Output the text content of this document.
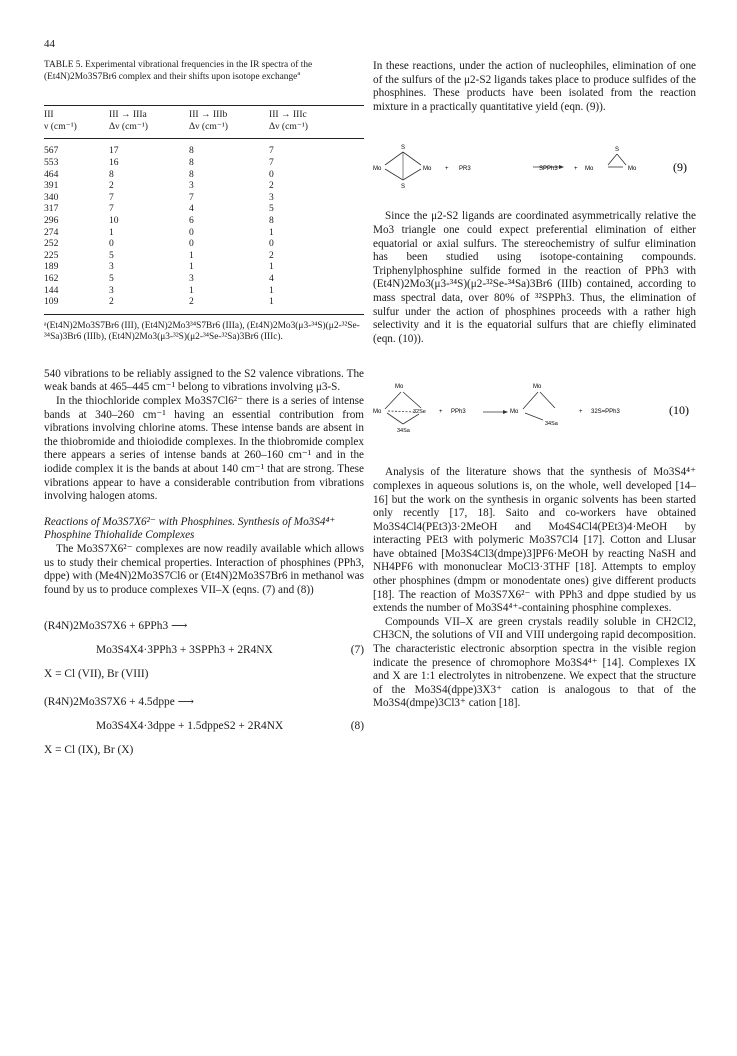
44
TABLE 5. Experimental vibrational frequencies in the IR spectra of the (Et4N)2Mo3S7Br6 complex and their shifts upon isotope exchange$^a$
III	III → IIIa	III → IIIb	III → IIIc
ν (cm⁻¹)	Δν (cm⁻¹)	Δν (cm⁻¹)	Δν (cm⁻¹)
567	17	8	7
553	16	8	7
464	8	8	0
391	2	3	2
340	7	7	3
317	7	4	5
296	10	6	8
274	1	0	1
252	0	0	0
225	5	1	2
189	3	1	1
162	5	3	4
144	3	1	1
109	2	2	1
ᵃ(Et4N)2Mo3S7Br6 (III), (Et4N)2Mo3³⁴S7Br6 (IIIa), (Et4N)2Mo3(μ3-³⁴S)(μ2-³²Se-³⁴Sa)3Br6 (IIIb), (Et4N)2Mo3(μ3-³²S)(μ2-³⁴Se-³²Sa)3Br6 (IIIc).

540 vibrations to be reliably assigned to the S2 valence vibrations. The weak bands at 465–445 cm⁻¹ belong to vibrations involving μ3-S.

In the thiochloride complex Mo3S7Cl6²⁻ there is a series of intense bands at 340–260 cm⁻¹ having an essential contribution from vibrations involving chlorine atoms. These intense bands are absent in the thiobromide and thioiodide complexes. In the thiobromide complex there appears a series of intense bands at 260–160 cm⁻¹ and in the iodide complex it is the bands at about 140 cm⁻¹ that are strong. These vibrations appear to have a considerable contribution from vibrations involving halogen atoms.

Reactions of Mo3S7X6²⁻ with Phosphines. Synthesis of Mo3S4⁴⁺ Phosphine Thiohalide Complexes

The Mo3S7X6²⁻ complexes are now readily available which allows us to study their chemical properties. Interaction of phosphines (PPh3, dppe) with (Me4N)2Mo3S7Cl6 or (Et4N)2Mo3S7Br6 in methanol was found by us to produce complexes VII–X (eqns. (7) and (8))

(R4N)2Mo3S7X6 + 6PPh3 ⟶
Mo3S4X4·3PPh3 + 3SPPh3 + 2R4NX	(7)
X = Cl (VII), Br (VIII)
(R4N)2Mo3S7X6 + 4.5dppe ⟶
Mo3S4X4·3dppe + 1.5dppeS2 + 2R4NX	(8)
X = Cl (IX), Br (X)

In these reactions, under the action of nucleophiles, elimination of one of the sulfurs of the μ2-S2 ligands takes place to produce sulfides of the phosphines. These products have been isolated from the reaction mixture in a practically quantitative yield (eqn. (9)).

Mo	Mo
S
S
+ PR3	SPPh3	+ Mo	Mo
S
(9)

Since the μ2-S2 ligands are coordinated asymmetrically relative the Mo3 triangle one could expect preferential elimination of either equatorial or axial sulfurs. The stereochemistry of sulfur elimination has been studied using isotope-containing compounds. Triphenylphosphine sulfide formed in the reaction of PPh3 with (Et4N)2Mo3(μ3-³⁴S)(μ2-³²Se-³⁴Sa)3Br6 (IIIb) contained, according to mass spectral data, over 80% of ³²SPPh3. Thus, the elimination of sulfur under the action of phosphines proceeds with a rather high selectivity and it is the equatorial sulfurs that are chiefly eliminated (eqn. (10)).

Mo
Mo	32Se
34Sa
+ PPh3
Mo
Mo
34Sa
+ 32S=PPh3	(10)

Analysis of the literature shows that the synthesis of Mo3S4⁴⁺ complexes in aqueous solutions is, on the whole, well developed [14–16] but the work on the synthesis in organic solvents has been started only recently [17, 18]. Saito and co-workers have obtained Mo3S4Cl4(PEt3)3·2MeOH and Mo4S4Cl4(PEt3)4·MeOH by interacting PEt3 with polymeric Mo3S7Cl4 [17]. Cotton and Llusar have obtained [Mo3S4Cl3(dmpe)3]PF6·MeOH by reacting NaSH and NH4PF6 with mononuclear MoCl3·3THF [18]. Attempts to employ other phosphines (dmpm or monodentate ones) give different products [18]. The reaction of Mo3S7X6²⁻ with PPh3 and dppe studied by us extends the number of Mo3S4⁴⁺-containing phosphine complexes.

Compounds VII–X are green crystals readily soluble in CH2Cl2, CH3CN, the solutions of VII and VIII undergoing rapid decomposition. The characteristic electronic absorption spectra in the visible region indicate the presence of chromophore Mo3S4⁴⁺ [14]. Complexes IX and X are 1:1 electrolytes in nitrobenzene. We expect that the structure of the Mo3S4(dppe)3X3⁺ cation is analogous to that of the Mo3S4(dmpe)3Cl3⁺ cation [18].
